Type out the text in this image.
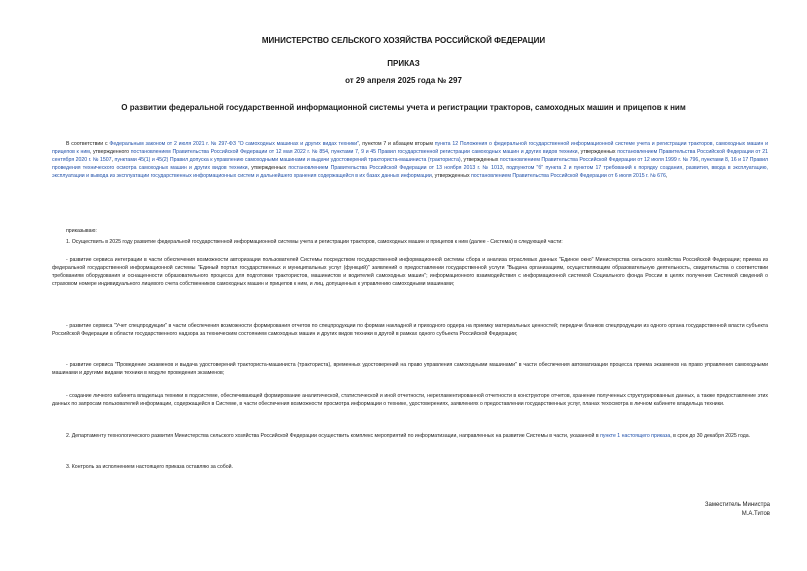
МИНИСТЕРСТВО СЕЛЬСКОГО ХОЗЯЙСТВА РОССИЙСКОЙ ФЕДЕРАЦИИ
ПРИКАЗ
от 29 апреля 2025 года № 297
О развитии федеральной государственной информационной системы учета и регистрации тракторов, самоходных машин и прицепов к ним

В соответствии с Федеральным законом от 2 июля 2021 г. № 297-ФЗ "О самоходных машинах и других видах техники", пунктом 7 и абзацем вторым пункта 12 Положения о федеральной государственной информационной системе учета и регистрации тракторов, самоходных машин и прицепов к ним, утвержденного постановлением Правительства Российской Федерации от 12 мая 2022 г. № 854, пунктами 7, 9 и 45 Правил государственной регистрации самоходных машин и других видов техники, утвержденных постановлением Правительства Российской Федерации от 21 сентября 2020 г. № 1507, пунктами 45(1) и 45(2) Правил допуска к управлению самоходными машинами и выдачи удостоверений тракториста-машиниста (тракториста), утвержденных постановлением Правительства Российской Федерации от 12 июля 1999 г. № 796, пунктами 8, 16 и 17 Правил проведения технического осмотра самоходных машин и других видов техники, утвержденных постановлением Правительства Российской Федерации от 13 ноября 2013 г. № 1013, подпунктом "б" пункта 2 и пунктом 17 требований к порядку создания, развития, ввода в эксплуатацию, эксплуатации и вывода из эксплуатации государственных информационных систем и дальнейшего хранения содержащейся в их базах данных информации, утвержденных постановлением Правительства Российской Федерации от 6 июля 2015 г. № 676,

приказываю:

1. Осуществить в 2025 году развитие федеральной государственной информационной системы учета и регистрации тракторов, самоходных машин и прицепов к ним (далее - Система) в следующей части:

- развитие сервиса интеграции в части обеспечения возможности авторизации пользователей Системы посредством государственной информационной системы сбора и анализа отраслевых данных "Единое окно" Министерства сельского хозяйства Российской Федерации; приема из федеральной государственной информационной системы "Единый портал государственных и муниципальных услуг (функций)" заявлений о предоставлении государственной услуги "Выдача организациям, осуществляющим образовательную деятельность, свидетельства о соответствии требованиям оборудования и оснащенности образовательного процесса для подготовки трактористов, машинистов и водителей самоходных машин"; информационного взаимодействия с информационной системой Социального фонда России в целях получения Системой сведений о страховом номере индивидуального лицевого счета собственников самоходных машин и прицепов к ним, и лиц, допущенных к управлению самоходными машинами;

- развитие сервиса "Учет спецпродукции" в части обеспечения возможности формирования отчетов по спецпродукции по формам накладной и приходного ордера на приемку материальных ценностей; передачи бланков спецпродукции из одного органа государственной власти субъекта Российской Федерации в области государственного надзора за техническим состоянием самоходных машин и других видов техники в другой в рамках одного субъекта Российской Федерации;

- развитие сервиса "Проведение экзаменов и выдача удостоверений тракториста-машиниста (тракториста), временных удостоверений на право управления самоходными машинами" в части обеспечения автоматизации процесса приема экзаменов на право управления самоходными машинами и другими видами техники в модуле проведения экзаменов;

- создание личного кабинета владельца техники в подсистеме, обеспечивающей формирование аналитической, статистической и иной отчетности, нерегламентированной отчетности в конструкторе отчетов, хранение полученных структурированных данных, а также предоставление этих данных по запросам пользователей информации, содержащейся в Системе, в части обеспечения возможности просмотра информации о технике, удостоверениях, заявлениях о предоставлении государственных услуг, планах техосмотра в личном кабинете владельца техники.

2. Департаменту технологического развития Министерства сельского хозяйства Российской Федерации осуществить комплекс мероприятий по информатизации, направленных на развитие Системы в части, указанной в пункте 1 настоящего приказа, в срок до 30 декабря 2025 года.

3. Контроль за исполнением настоящего приказа оставляю за собой.

Заместитель Министра
М.А.Титов
